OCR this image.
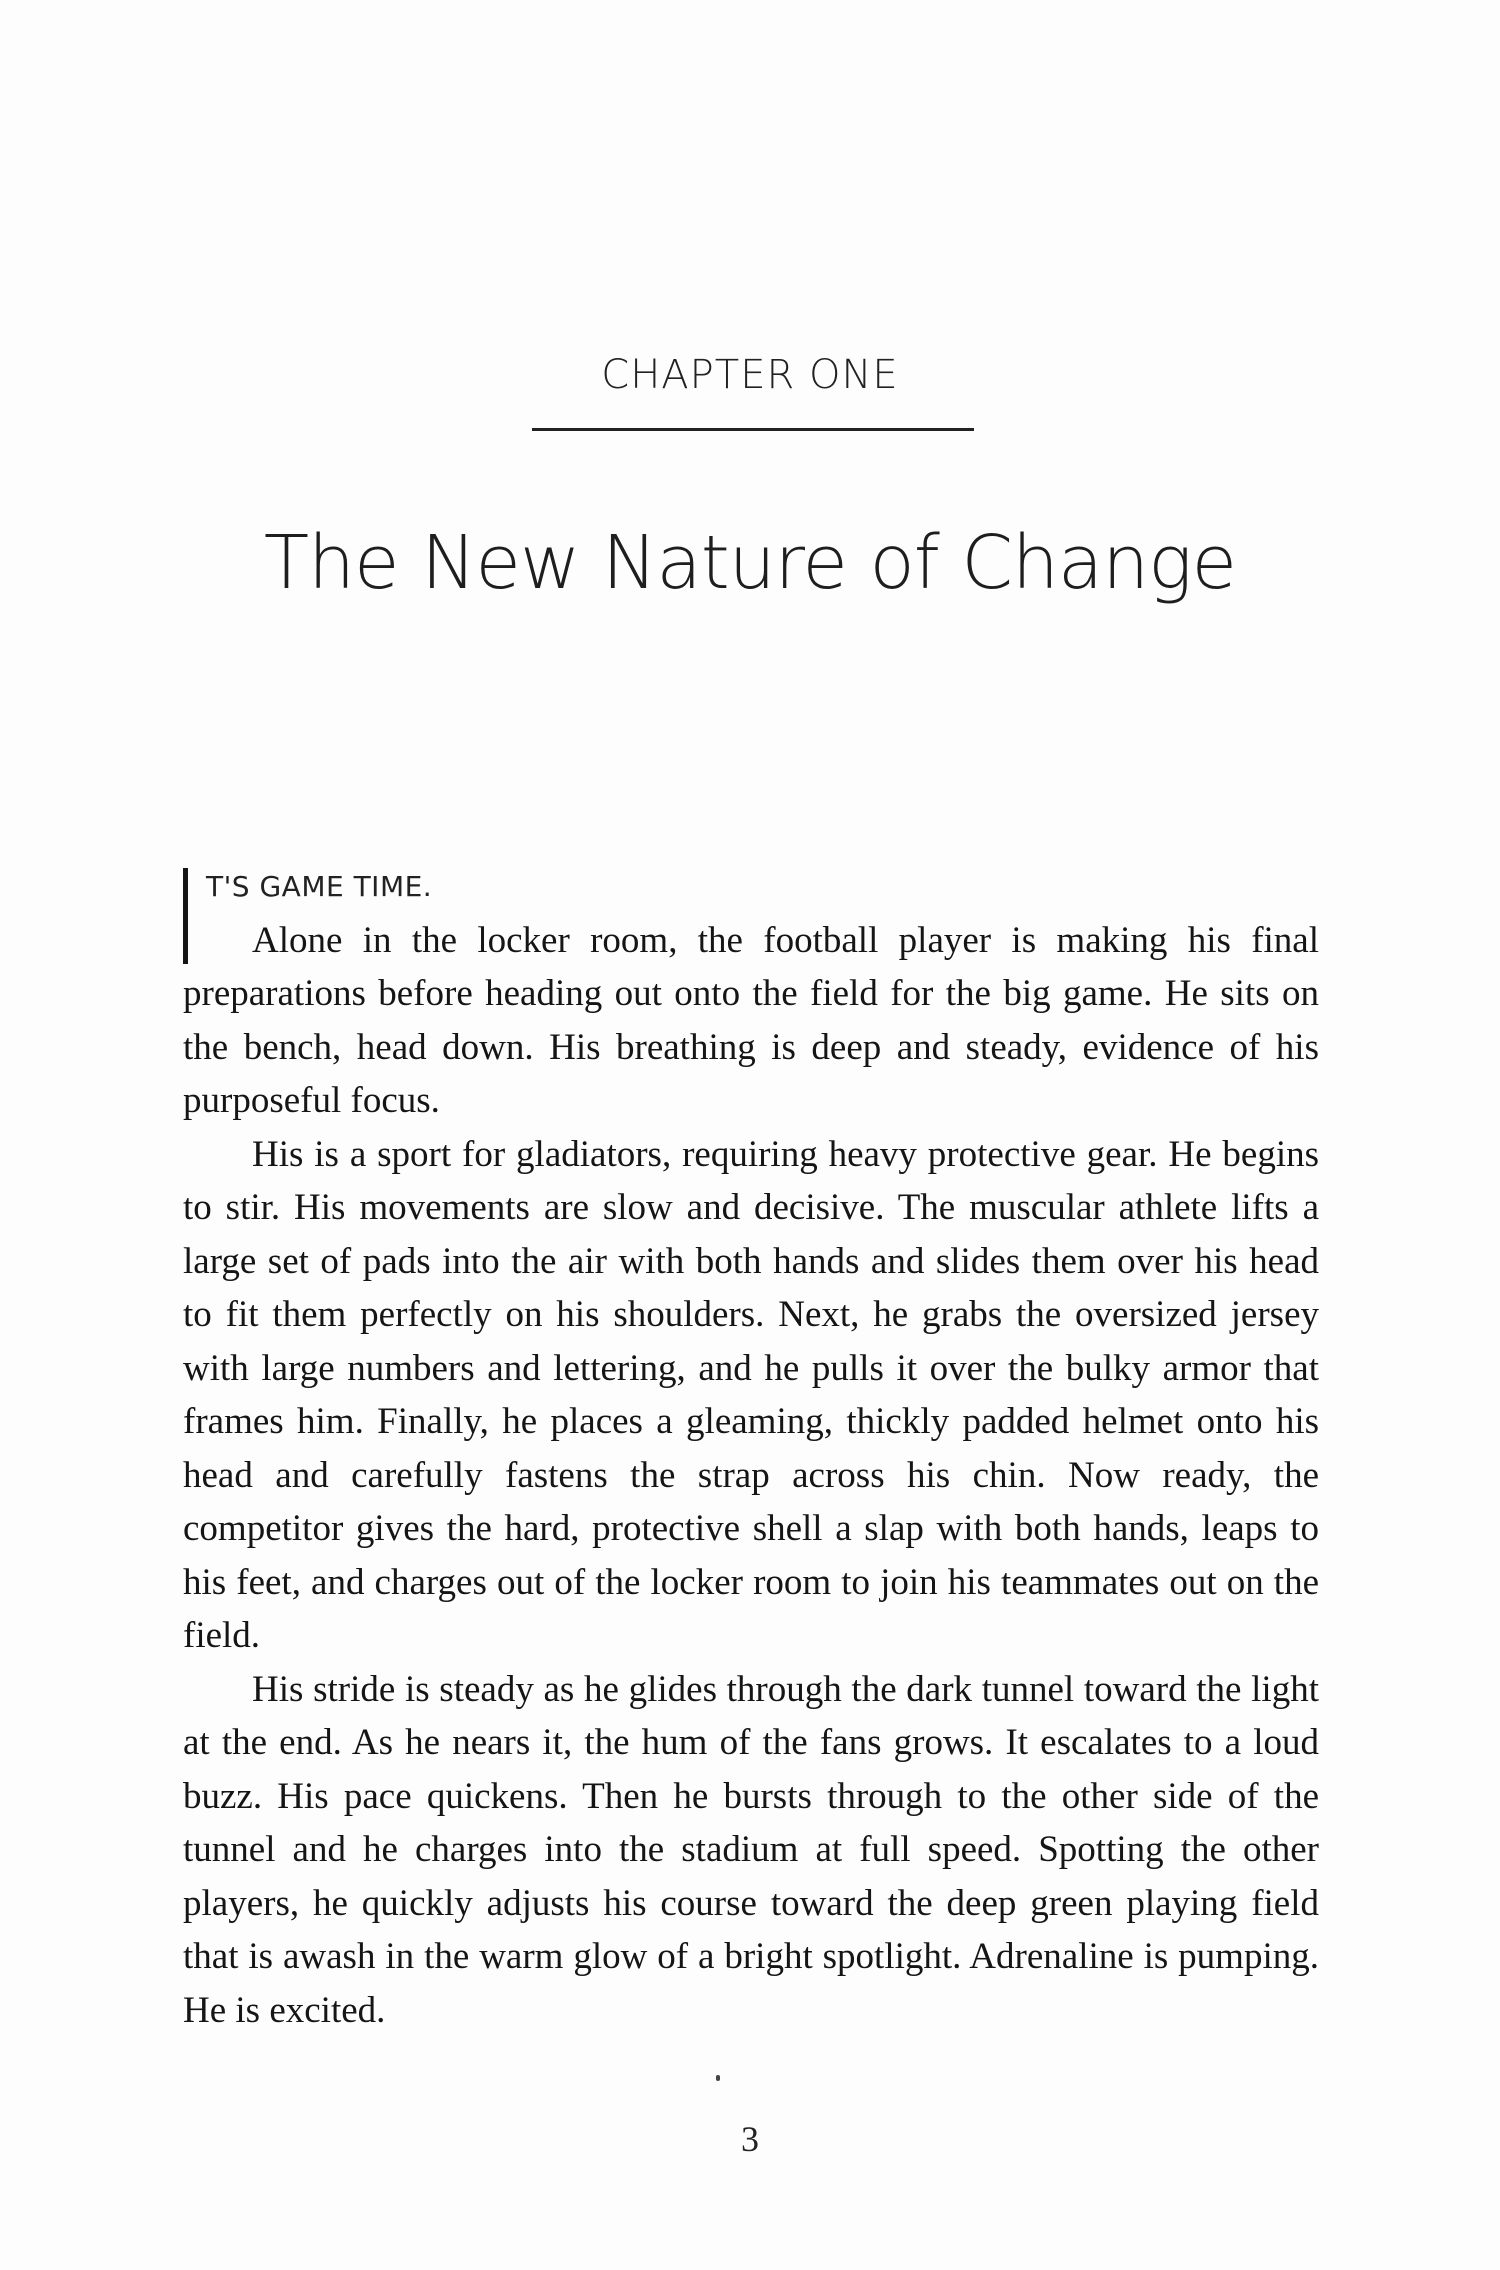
CHAPTER ONE
The New Nature of Change
T'S GAME TIME.

Alone in the locker room, the football player is making his final preparations before heading out onto the field for the big game. He sits on the bench, head down. His breathing is deep and steady, evidence of his purposeful focus.

His is a sport for gladiators, requiring heavy protective gear. He begins to stir. His movements are slow and decisive. The muscular athlete lifts a large set of pads into the air with both hands and slides them over his head to fit them perfectly on his shoulders. Next, he grabs the oversized jersey with large numbers and lettering, and he pulls it over the bulky armor that frames him. Finally, he places a gleaming, thickly padded helmet onto his head and carefully fastens the strap across his chin. Now ready, the competitor gives the hard, protective shell a slap with both hands, leaps to his feet, and charges out of the locker room to join his teammates out on the field.

His stride is steady as he glides through the dark tunnel toward the light at the end. As he nears it, the hum of the fans grows. It escalates to a loud buzz. His pace quickens. Then he bursts through to the other side of the tunnel and he charges into the stadium at full speed. Spotting the other players, he quickly adjusts his course toward the deep green playing field that is awash in the warm glow of a bright spotlight. Adrenaline is pumping. He is excited.

3
